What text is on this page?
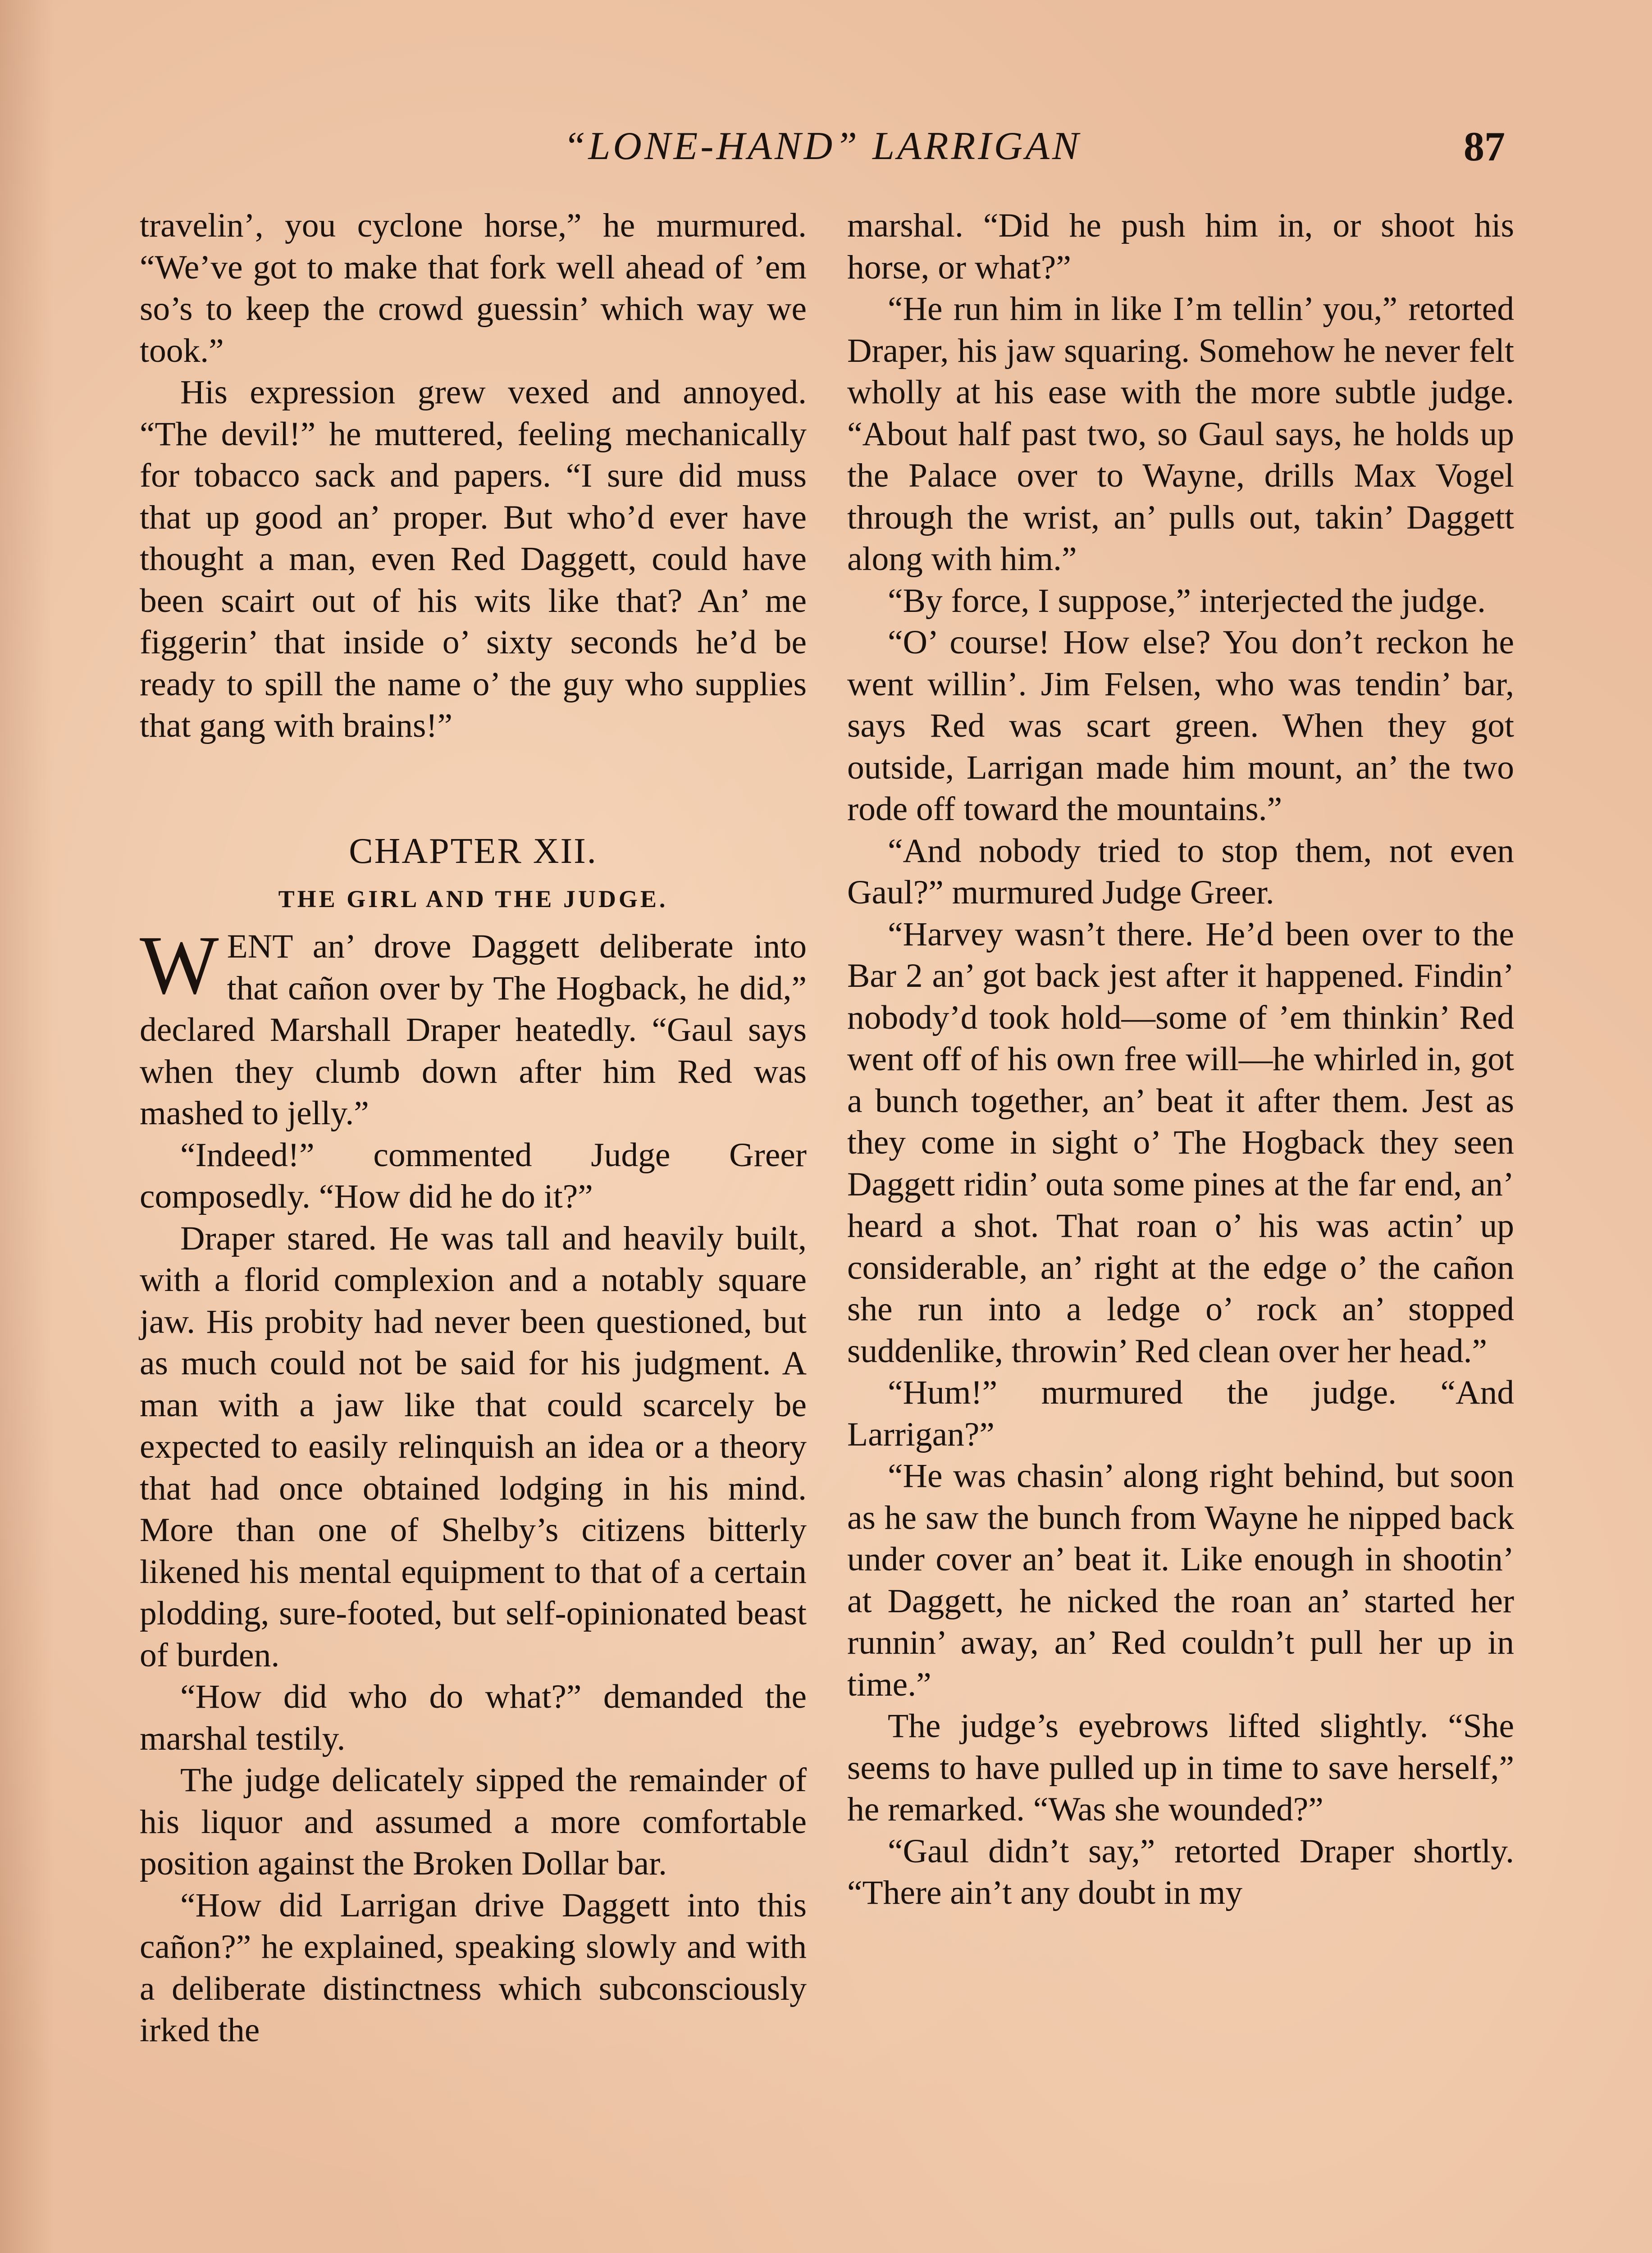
“LONE-HAND” LARRIGAN	87

travelin’, you cyclone horse,” he murmured. “We’ve got to make that fork well ahead of ’em so’s to keep the crowd guessin’ which way we took.”

His expression grew vexed and annoyed. “The devil!” he muttered, feeling mechanically for tobacco sack and papers. “I sure did muss that up good an’ proper. But who’d ever have thought a man, even Red Daggett, could have been scairt out of his wits like that? An’ me figgerin’ that inside o’ sixty seconds he’d be ready to spill the name o’ the guy who supplies that gang with brains!”

CHAPTER XII.
THE GIRL AND THE JUDGE.

WENT an’ drove Daggett deliberate into that cañon over by The Hogback, he did,” declared Marshall Draper heatedly. “Gaul says when they clumb down after him Red was mashed to jelly.”

“Indeed!” commented Judge Greer composedly. “How did he do it?”

Draper stared. He was tall and heavily built, with a florid complexion and a notably square jaw. His probity had never been questioned, but as much could not be said for his judgment. A man with a jaw like that could scarcely be expected to easily relinquish an idea or a theory that had once obtained lodging in his mind. More than one of Shelby’s citizens bitterly likened his mental equipment to that of a certain plodding, sure-footed, but self-opinionated beast of burden.

“How did who do what?” demanded the marshal testily.

The judge delicately sipped the remainder of his liquor and assumed a more comfortable position against the Broken Dollar bar.

“How did Larrigan drive Daggett into this cañon?” he explained, speaking slowly and with a deliberate distinctness which subconsciously irked the

marshal. “Did he push him in, or shoot his horse, or what?”

“He run him in like I’m tellin’ you,” retorted Draper, his jaw squaring. Somehow he never felt wholly at his ease with the more subtle judge. “About half past two, so Gaul says, he holds up the Palace over to Wayne, drills Max Vogel through the wrist, an’ pulls out, takin’ Daggett along with him.”

“By force, I suppose,” interjected the judge.

“O’ course! How else? You don’t reckon he went willin’. Jim Felsen, who was tendin’ bar, says Red was scart green. When they got outside, Larrigan made him mount, an’ the two rode off toward the mountains.”

“And nobody tried to stop them, not even Gaul?” murmured Judge Greer.

“Harvey wasn’t there. He’d been over to the Bar 2 an’ got back jest after it happened. Findin’ nobody’d took hold—some of ’em thinkin’ Red went off of his own free will—he whirled in, got a bunch together, an’ beat it after them. Jest as they come in sight o’ The Hogback they seen Daggett ridin’ outa some pines at the far end, an’ heard a shot. That roan o’ his was actin’ up considerable, an’ right at the edge o’ the cañon she run into a ledge o’ rock an’ stopped suddenlike, throwin’ Red clean over her head.”

“Hum!” murmured the judge. “And Larrigan?”

“He was chasin’ along right behind, but soon as he saw the bunch from Wayne he nipped back under cover an’ beat it. Like enough in shootin’ at Daggett, he nicked the roan an’ started her runnin’ away, an’ Red couldn’t pull her up in time.”

The judge’s eyebrows lifted slightly. “She seems to have pulled up in time to save herself,” he remarked. “Was she wounded?”

“Gaul didn’t say,” retorted Draper shortly. “There ain’t any doubt in my
